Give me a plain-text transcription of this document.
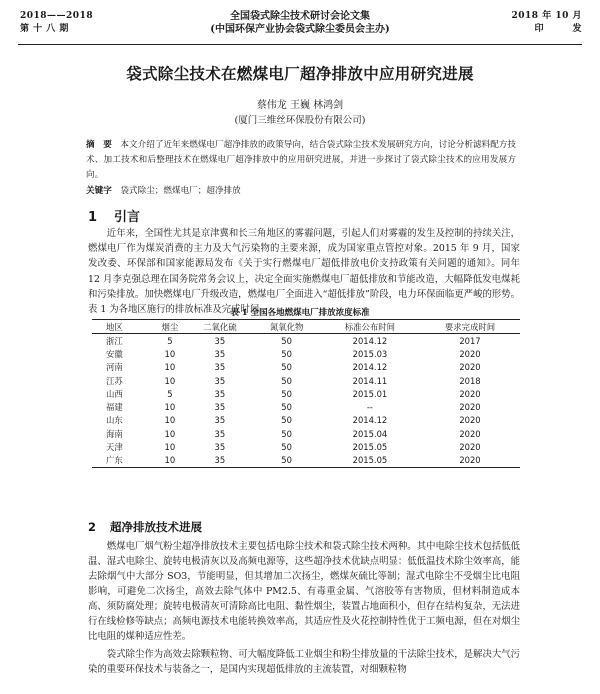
2018——2018
第 十 八 期
全国袋式除尘技术研讨会论文集
(中国环保产业协会袋式除尘委员会主办)
2018 年 10 月
印　　　发
袋式除尘技术在燃煤电厂超净排放中应用研究进展
蔡伟龙 王巍 林鸿剑
(厦门三维丝环保股份有限公司)
摘　要　 本文介绍了近年来燃煤电厂超净排放的政策导向，结合袋式除尘技术发展研究方向，讨论分析滤料配方技术、加工技术和后整理技术在燃煤电厂超净排放中的应用研究进展，并进一步探讨了袋式除尘技术的应用发展方向。
关键字　 袋式除尘；燃煤电厂；超净排放
1 引言
近年来，全国性尤其是京津冀和长三角地区的雾霾问题，引起人们对雾霾的发生及控制的持续关注，燃煤电厂作为煤炭消费的主力及大气污染物的主要来源，成为国家重点管控对象。2015 年 9 月，国家发改委、环保部和国家能源局发布《关于实行燃煤电厂超低排放电价支持政策有关问题的通知》。同年 12 月李克强总理在国务院常务会议上，决定全面实施燃煤电厂超低排放和节能改造，大幅降低发电煤耗和污染排放。加快燃煤电厂升级改造，燃煤电厂全面进入“超低排放”阶段，电力环保面临更严峻的形势。表 1 为各地区施行的排放标准及完成时间。
表 1 全国各地燃煤电厂排放浓度标准
地区	烟尘	二氧化硫	氮氧化物	标准公布时间	要求完成时间
浙江	5	35	50	2014.12	2017
安徽	10	35	50	2015.03	2020
河南	10	35	50	2014.12	2020
江苏	10	35	50	2014.11	2018
山西	5	35	50	2015.01	2020
福建	10	35	50	--	2020
山东	10	35	50	2014.12	2020
海南	10	35	50	2015.04	2020
天津	10	35	50	2015.05	2020
广东	10	35	50	2015.05	2020
2 超净排放技术进展
燃煤电厂烟气粉尘超净排放技术主要包括电除尘技术和袋式除尘技术两种。其中电除尘技术包括低低温、湿式电除尘、旋转电极清灰以及高频电源等，这些超净技术优缺点明显：低低温技术除尘效率高，能去除烟气中大部分 SO3，节能明显，但其增加二次扬尘，燃煤灰硫比等制；湿式电除尘不受烟尘比电阻影响，可避免二次扬尘，高效去除气体中 PM2.5、有毒重金属、气溶胶等有害物质，但材料制造成本高、须防腐处理；旋转电极清灰可清除高比电阻、黏性烟尘，装置占地面积小，但存在结构复杂，无法进行在线检修等缺点；高频电源技术电能转换效率高，其适应性及火花控制特性优于工频电源，但在对烟尘比电阻的煤种适应性差。
袋式除尘作为高效去除颗粒物、可大幅度降低工业烟尘和粉尘排放量的干法除尘技术，是解决大气污染的重要环保技术与装备之一，是国内实现超低排放的主流装置，对细颗粒物
